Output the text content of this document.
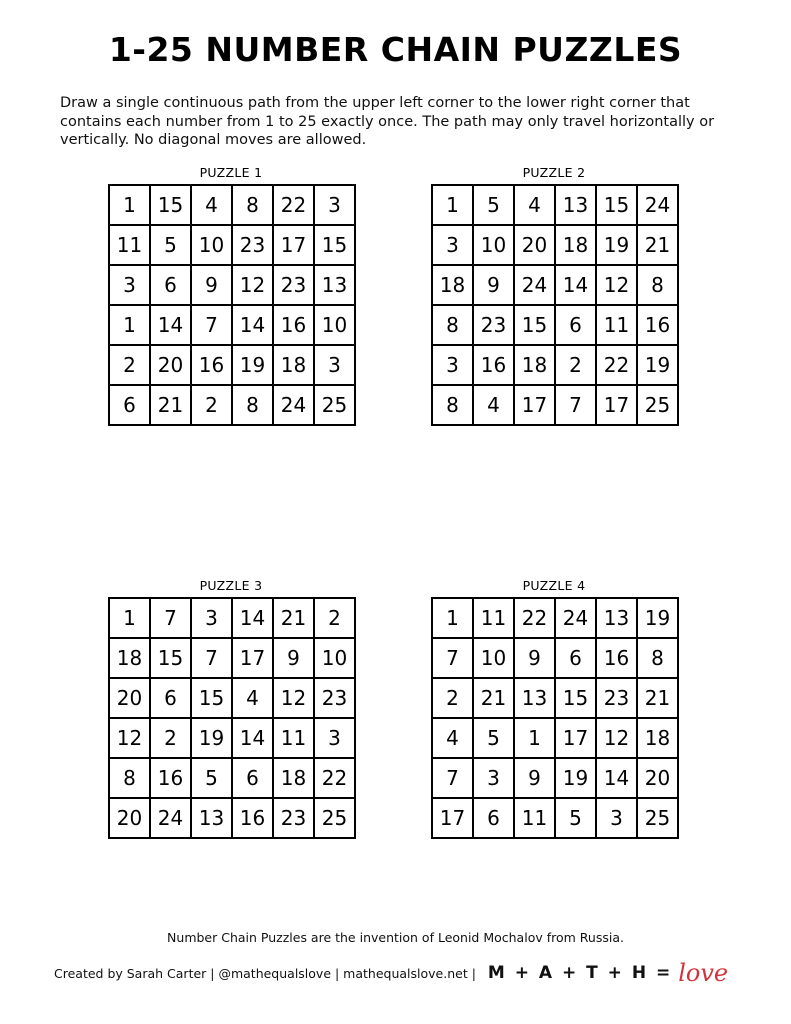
1-25 NUMBER CHAIN PUZZLES
Draw a single continuous path from the upper left corner to the lower right corner that contains each number from 1 to 25 exactly once. The path may only travel horizontally or vertically. No diagonal moves are allowed.
PUZZLE 1
1	15	4	8	22	3
11	5	10 23 17 15
3	6	9	12 23 13
1	14	7	14 16 10
2	20 16 19 18	3
6	21	2	8	24 25
PUZZLE 2
1	5	4	13 15 24
3	10 20 18 19 21
18	9	24 14 12	8
8	23 15	6	11 16
3	16 18	2	22 19
8	4	17	7	17 25
PUZZLE 3
1	7	3	14 21	2
18 15	7	17	9	10
20	6	15	4	12 23
12	2	19 14 11	3
8	16	5	6	18 22
20 24 13 16 23 25
PUZZLE 4
1	11 22 24 13 19
7	10	9	6	16	8
2	21 13 15 23 21
4	5	1	17 12 18
7	3	9	19 14 20
17	6	11	5	3	25
Number Chain Puzzles are the invention of Leonid Mochalov from Russia.
Created by Sarah Carter | @mathequalslove | mathequalslove.net | M + A + T + H = love
